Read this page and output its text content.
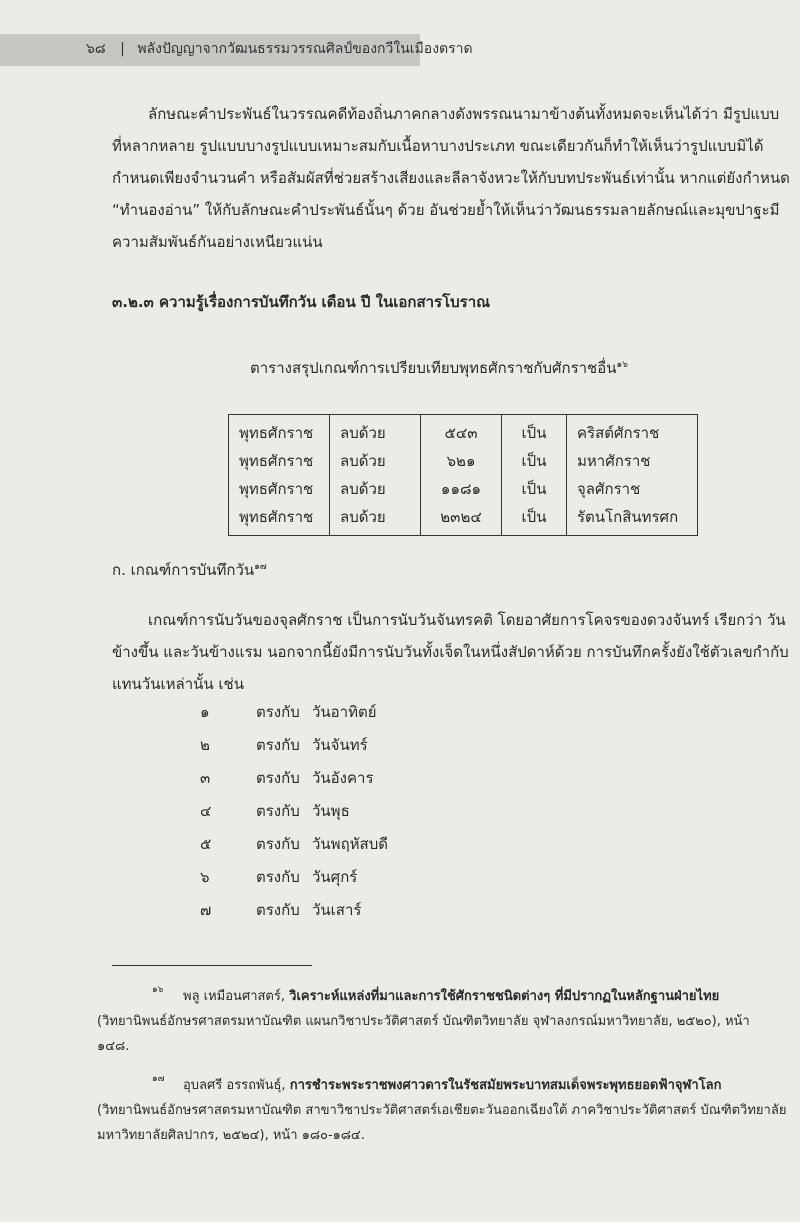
๖๘ | พลังปัญญาจากวัฒนธรรมวรรณศิลป์ของกวีในเมืองตราด

ลักษณะคำประพันธ์ในวรรณคดีท้องถิ่นภาคกลางดังพรรณนามาข้างต้นทั้งหมดจะเห็นได้ว่า มีรูปแบบ

ที่หลากหลาย รูปแบบบางรูปแบบเหมาะสมกับเนื้อหาบางประเภท ขณะเดียวกันก็ทำให้เห็นว่ารูปแบบมิได้

กำหนดเพียงจำนวนคำ หรือสัมผัสที่ช่วยสร้างเสียงและลีลาจังหวะให้กับบทประพันธ์เท่านั้น หากแต่ยังกำหนด

“ทำนองอ่าน” ให้กับลักษณะคำประพันธ์นั้นๆ ด้วย อันช่วยย้ำให้เห็นว่าวัฒนธรรมลายลักษณ์และมุขปาฐะมี

ความสัมพันธ์กันอย่างเหนียวแน่น

๓.๒.๓ ความรู้เรื่องการบันทึกวัน เดือน ปี ในเอกสารโบราณ
ตารางสรุปเกณฑ์การเปรียบเทียบพุทธศักราชกับศักราชอื่น$^{๑๖}$
พุทธศักราช	ลบด้วย	๕๔๓	เป็น	คริสต์ศักราช
พุทธศักราช	ลบด้วย	๖๒๑	เป็น	มหาศักราช
พุทธศักราช	ลบด้วย	๑๑๘๑	เป็น	จุลศักราช
พุทธศักราช	ลบด้วย	๒๓๒๔	เป็น	รัตนโกสินทรศก
ก. เกณฑ์การบันทึกวัน$^{๑๗}$

เกณฑ์การนับวันของจุลศักราช เป็นการนับวันจันทรคติ โดยอาศัยการโคจรของดวงจันทร์ เรียกว่า วัน

ข้างขึ้น และวันข้างแรม นอกจากนี้ยังมีการนับวันทั้งเจ็ดในหนึ่งสัปดาห์ด้วย การบันทึกครั้งยังใช้ตัวเลขกำกับ

แทนวันเหล่านั้น เช่น

๑	ตรงกับ วันอาทิตย์
๒	ตรงกับ วันจันทร์
๓	ตรงกับ วันอังคาร
๔	ตรงกับ วันพุธ
๕	ตรงกับ วันพฤหัสบดี
๖	ตรงกับ วันศุกร์
๗	ตรงกับ วันเสาร์

๑๖ พลู เหมือนศาสตร์, วิเคราะห์แหล่งที่มาและการใช้ศักราชชนิดต่างๆ ที่มีปรากฏในหลักฐานฝ่ายไทย

(วิทยานิพนธ์อักษรศาสตรมหาบัณฑิต แผนกวิชาประวัติศาสตร์ บัณฑิตวิทยาลัย จุฬาลงกรณ์มหาวิทยาลัย, ๒๕๒๐), หน้า

๑๔๘.

๑๗ อุบลศรี อรรถพันธุ์, การชำระพระราชพงศาวดารในรัชสมัยพระบาทสมเด็จพระพุทธยอดฟ้าจุฬาโลก

(วิทยานิพนธ์อักษรศาสตรมหาบัณฑิต สาขาวิชาประวัติศาสตร์เอเชียตะวันออกเฉียงใต้ ภาควิชาประวัติศาสตร์ บัณฑิตวิทยาลัย

มหาวิทยาลัยศิลปากร, ๒๕๒๔), หน้า ๑๘๐-๑๘๔.
